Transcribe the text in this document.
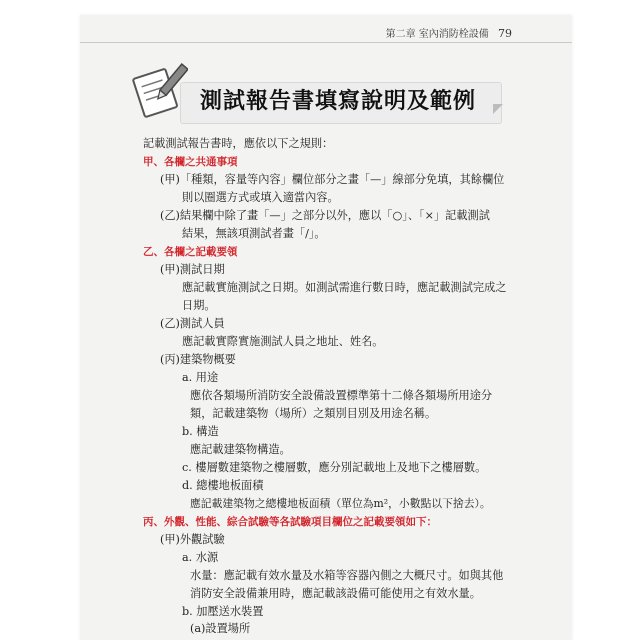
第二章 室內消防栓設備 79
測試報告書填寫說明及範例
記載測試報告書時，應依以下之規則：
甲、各欄之共通事項
(甲)「種類，容量等內容」欄位部分之畫「—」線部分免填，其餘欄位
則以圈選方式或填入適當內容。
(乙)結果欄中除了畫「—」之部分以外，應以「○」、「×」記載測試
結果，無該項測試者畫「/」。
乙、各欄之記載要領
(甲)測試日期
應記載實施測試之日期。如測試需進行數日時，應記載測試完成之
日期。
(乙)測試人員
應記載實際實施測試人員之地址、姓名。
(丙)建築物概要
a. 用途
應依各類場所消防安全設備設置標準第十二條各類場所用途分
類，記載建築物（場所）之類別目別及用途名稱。
b. 構造
應記載建築物構造。
c. 樓層數建築物之樓層數，應分別記載地上及地下之樓層數。
d. 總樓地板面積
應記載建築物之總樓地板面積（單位為m²，小數點以下捨去）。
丙、外觀、性能、綜合試驗等各試驗項目欄位之記載要領如下：
(甲)外觀試驗
a. 水源
水量：應記載有效水量及水箱等容器內側之大概尺寸。如與其他
消防安全設備兼用時，應記載該設備可能使用之有效水量。
b. 加壓送水裝置
(a)設置場所
